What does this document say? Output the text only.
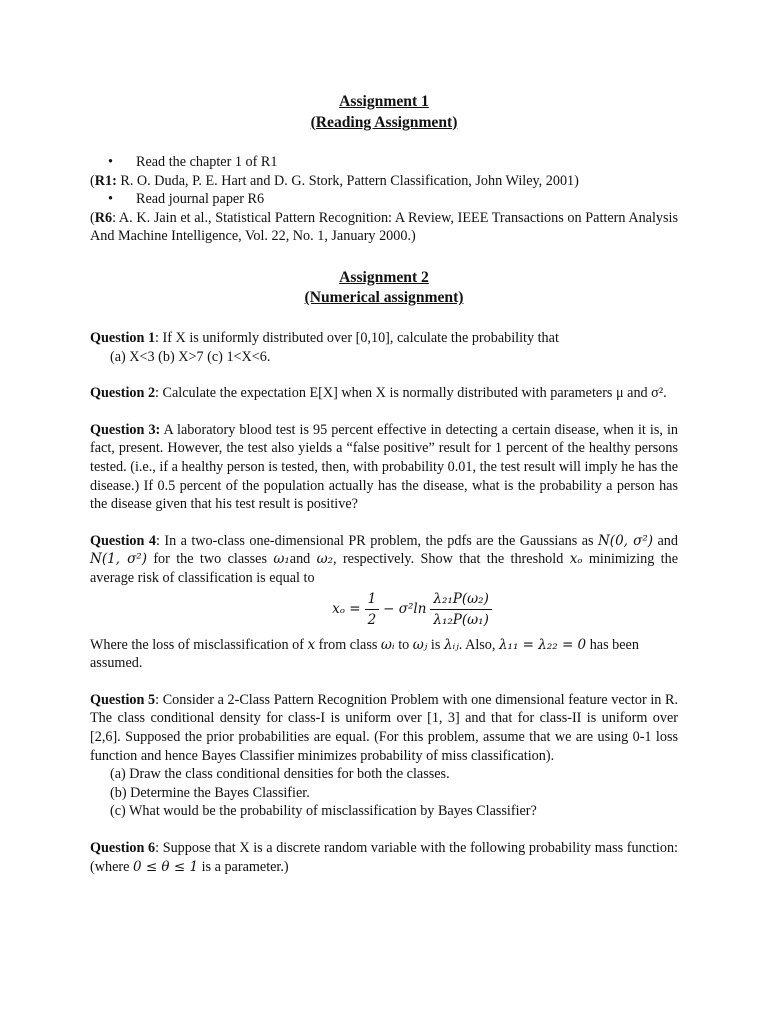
Assignment 1
(Reading Assignment)
•	Read the chapter 1 of R1
(R1: R. O. Duda, P. E. Hart and D. G. Stork, Pattern Classification, John Wiley, 2001)
•	Read journal paper R6
(R6: A. K. Jain et al., Statistical Pattern Recognition: A Review, IEEE Transactions on Pattern Analysis And Machine Intelligence, Vol. 22, No. 1, January 2000.)
Assignment 2
(Numerical assignment)
Question 1: If X is uniformly distributed over [0,10], calculate the probability that
(a) X<3 (b) X>7 (c) 1<X<6.
Question 2: Calculate the expectation E[X] when X is normally distributed with parameters μ and σ².
Question 3: A laboratory blood test is 95 percent effective in detecting a certain disease, when it is, in fact, present. However, the test also yields a “false positive” result for 1 percent of the healthy persons tested. (i.e., if a healthy person is tested, then, with probability 0.01, the test result will imply he has the disease.) If 0.5 percent of the population actually has the disease, what is the probability a person has the disease given that his test result is positive?
Question 4: In a two-class one-dimensional PR problem, the pdfs are the Gaussians as N(0, σ²) and N(1, σ²) for the two classes ω₁and ω₂, respectively. Show that the threshold xₒ minimizing the average risk of classification is equal to
$x_o = \frac{1}{2} - \sigma^2\ln \frac{\text{λ₂₁P(ω₂)}}{\text{λ₁₂P(ω₁)}}$
Where the loss of misclassification of x from class ωᵢ to ωⱼ is λᵢⱼ. Also, λ₁₁ = λ₂₂ = 0 has been assumed.
Question 5: Consider a 2-Class Pattern Recognition Problem with one dimensional feature vector in R. The class conditional density for class-I is uniform over [1, 3] and that for class-II is uniform over [2,6]. Supposed the prior probabilities are equal. (For this problem, assume that we are using 0-1 loss function and hence Bayes Classifier minimizes probability of miss classification).
(a) Draw the class conditional densities for both the classes.
(b) Determine the Bayes Classifier.
(c) What would be the probability of misclassification by Bayes Classifier?
Question 6: Suppose that X is a discrete random variable with the following probability mass function: (where 0 ≤ θ ≤ 1 is a parameter.)
